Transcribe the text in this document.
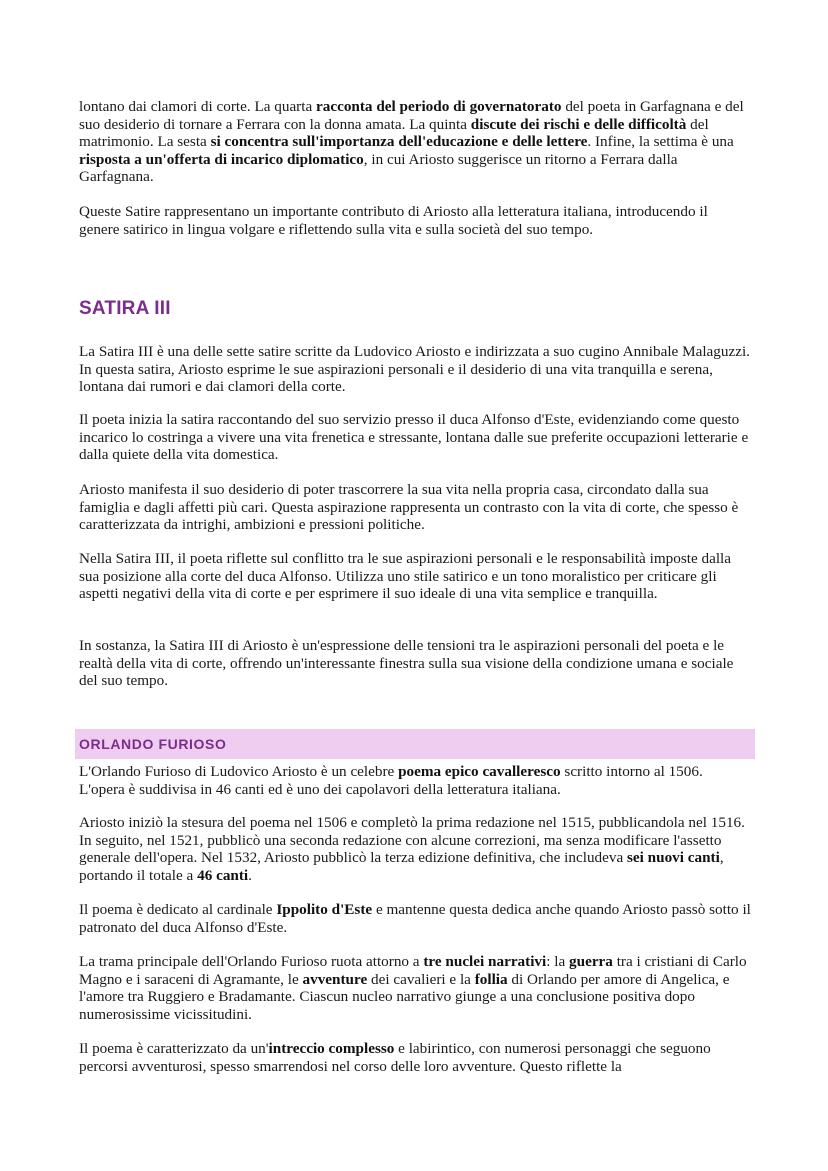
lontano dai clamori di corte. La quarta racconta del periodo di governatorato del poeta in Garfagnana e del suo desiderio di tornare a Ferrara con la donna amata. La quinta discute dei rischi e delle difficoltà del matrimonio. La sesta si concentra sull'importanza dell'educazione e delle lettere. Infine, la settima è una risposta a un'offerta di incarico diplomatico, in cui Ariosto suggerisce un ritorno a Ferrara dalla Garfagnana.

Queste Satire rappresentano un importante contributo di Ariosto alla letteratura italiana, introducendo il genere satirico in lingua volgare e riflettendo sulla vita e sulla società del suo tempo.

SATIRA III

La Satira III è una delle sette satire scritte da Ludovico Ariosto e indirizzata a suo cugino Annibale Malaguzzi. In questa satira, Ariosto esprime le sue aspirazioni personali e il desiderio di una vita tranquilla e serena, lontana dai rumori e dai clamori della corte.

Il poeta inizia la satira raccontando del suo servizio presso il duca Alfonso d'Este, evidenziando come questo incarico lo costringa a vivere una vita frenetica e stressante, lontana dalle sue preferite occupazioni letterarie e dalla quiete della vita domestica.

Ariosto manifesta il suo desiderio di poter trascorrere la sua vita nella propria casa, circondato dalla sua famiglia e dagli affetti più cari. Questa aspirazione rappresenta un contrasto con la vita di corte, che spesso è caratterizzata da intrighi, ambizioni e pressioni politiche.

Nella Satira III, il poeta riflette sul conflitto tra le sue aspirazioni personali e le responsabilità imposte dalla sua posizione alla corte del duca Alfonso. Utilizza uno stile satirico e un tono moralistico per criticare gli aspetti negativi della vita di corte e per esprimere il suo ideale di una vita semplice e tranquilla.

In sostanza, la Satira III di Ariosto è un'espressione delle tensioni tra le aspirazioni personali del poeta e le realtà della vita di corte, offrendo un'interessante finestra sulla sua visione della condizione umana e sociale del suo tempo.

ORLANDO FURIOSO

L'Orlando Furioso di Ludovico Ariosto è un celebre poema epico cavalleresco scritto intorno al 1506. L'opera è suddivisa in 46 canti ed è uno dei capolavori della letteratura italiana.

Ariosto iniziò la stesura del poema nel 1506 e completò la prima redazione nel 1515, pubblicandola nel 1516. In seguito, nel 1521, pubblicò una seconda redazione con alcune correzioni, ma senza modificare l'assetto generale dell'opera. Nel 1532, Ariosto pubblicò la terza edizione definitiva, che includeva sei nuovi canti, portando il totale a 46 canti.

Il poema è dedicato al cardinale Ippolito d'Este e mantenne questa dedica anche quando Ariosto passò sotto il patronato del duca Alfonso d'Este.

La trama principale dell'Orlando Furioso ruota attorno a tre nuclei narrativi: la guerra tra i cristiani di Carlo Magno e i saraceni di Agramante, le avventure dei cavalieri e la follia di Orlando per amore di Angelica, e l'amore tra Ruggiero e Bradamante. Ciascun nucleo narrativo giunge a una conclusione positiva dopo numerosissime vicissitudini.

Il poema è caratterizzato da un'intreccio complesso e labirintico, con numerosi personaggi che seguono percorsi avventurosi, spesso smarrendosi nel corso delle loro avventure. Questo riflette la
